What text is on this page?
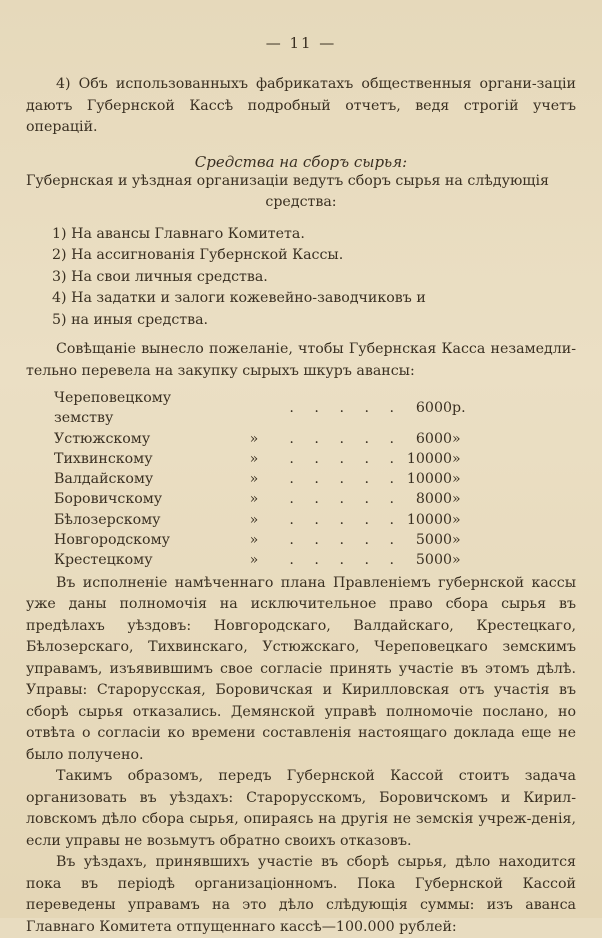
— 11 —

4) Объ использованныхъ фабрикатахъ общественныя органи-зацiи даютъ Губернской Кассѣ подробный отчетъ, ведя строгiй учетъ операцiй.

Средства на сборъ сырья:

Губернская и уѣздная организацiи ведутъ сборъ сырья на слѣдующiя

средства:

1) На авансы Главнаго Комитета.
2) На ассигнованiя Губернской Кассы.
3) На свои личныя средства.
4) На задатки и залоги кожевейно-заводчиковъ и
5) на иныя средства.

Совѣщанiе вынесло пожеланiе, чтобы Губернская Касса незамедли-тельно перевела на закупку сырыхъ шкуръ авансы:

Череповецкому земству		. . . . .	6000	р.
Устюжскому	»	. . . . .	6000	»
Тихвинскому	»	. . . . .	10000	»
Валдайскому	»	. . . . .	10000	»
Боровичскому	»	. . . . .	8000	»
Бѣлозерскому	»	. . . . .	10000	»
Новгородскому	»	. . . . .	5000	»
Крестецкому	»	. . . . .	5000	»

Въ исполненiе намѣченнаго плана Правленiемъ губернской кассы уже даны полномочiя на исключительное право сбора сырья въ предѣлахъ уѣздовъ: Новгородскаго, Валдайскаго, Крестецкаго, Бѣлозерскаго, Тихвинскаго, Устюжскаго, Череповецкаго земскимъ управамъ, изъявившимъ свое согласiе принять участiе въ этомъ дѣлѣ. Управы: Старорусская, Боровичская и Кирилловская отъ участiя въ сборѣ сырья отказались. Демянской управѣ полномочiе послано, но отвѣта о согласiи ко времени составленiя настоящаго доклада еще не было получено.

Такимъ образомъ, передъ Губернской Кассой стоитъ задача организовать въ уѣздахъ: Старорусскомъ, Боровичскомъ и Кирил-ловскомъ дѣло сбора сырья, опираясь на другiя не земскiя учреж-денiя, если управы не возьмутъ обратно своихъ отказовъ.

Въ уѣздахъ, принявшихъ участiе въ сборѣ сырья, дѣло находится пока въ перiодѣ организацiонномъ. Пока Губернской Кассой переведены управамъ на это дѣло слѣдующiя суммы: изъ аванса Главнаго Комитета отпущеннаго кассѣ—100.000 рублей:
